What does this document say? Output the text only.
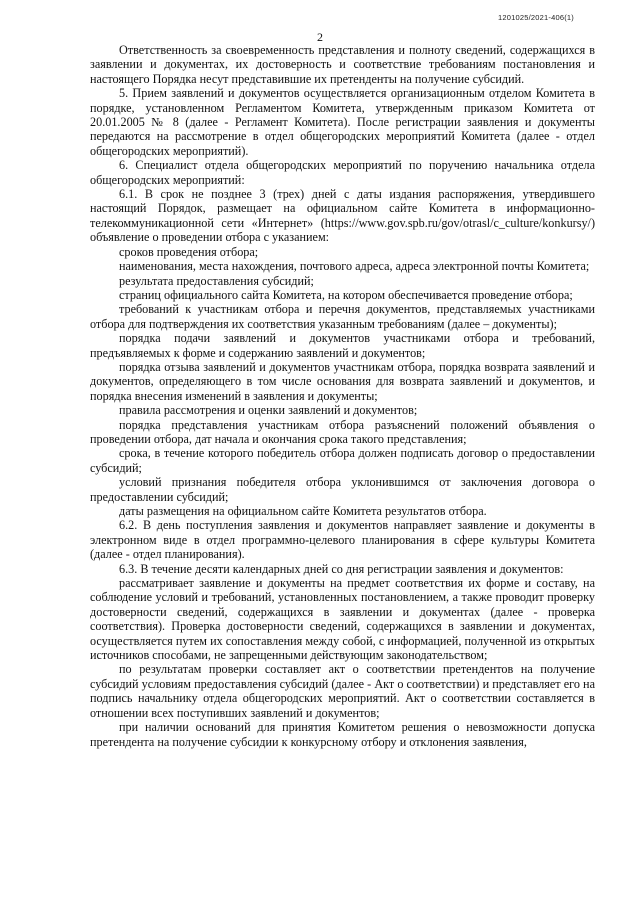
1201025/2021-406(1)
2

Ответственность за своевременность представления и полноту сведений, содержащихся в заявлении и документах, их достоверность и соответствие требованиям постановления и настоящего Порядка несут представившие их претенденты на получение субсидий.

5. Прием заявлений и документов осуществляется организационным отделом Комитета в порядке, установленном Регламентом Комитета, утвержденным приказом Комитета от 20.01.2005 № 8 (далее - Регламент Комитета). После регистрации заявления и документы передаются на рассмотрение в отдел общегородских мероприятий Комитета (далее - отдел общегородских мероприятий).

6. Специалист отдела общегородских мероприятий по поручению начальника отдела общегородских мероприятий:

6.1. В срок не позднее 3 (трех) дней с даты издания распоряжения, утвердившего настоящий Порядок, размещает на официальном сайте Комитета в информационно-телекоммуникационной сети «Интернет» (https://www.gov.spb.ru/gov/otrasl/c_culture/konkursy/) объявление о проведении отбора с указанием:

сроков проведения отбора;

наименования, места нахождения, почтового адреса, адреса электронной почты Комитета;

результата предоставления субсидий;

страниц официального сайта Комитета, на котором обеспечивается проведение отбора;

требований к участникам отбора и перечня документов, представляемых участниками отбора для подтверждения их соответствия указанным требованиям (далее – документы);

порядка подачи заявлений и документов участниками отбора и требований, предъявляемых к форме и содержанию заявлений и документов;

порядка отзыва заявлений и документов участникам отбора, порядка возврата заявлений и документов, определяющего в том числе основания для возврата заявлений и документов, и порядка внесения изменений в заявления и документы;

правила рассмотрения и оценки заявлений и документов;

порядка представления участникам отбора разъяснений положений объявления о проведении отбора, дат начала и окончания срока такого представления;

срока, в течение которого победитель отбора должен подписать договор о предоставлении субсидий;

условий признания победителя отбора уклонившимся от заключения договора о предоставлении субсидий;

даты размещения на официальном сайте Комитета результатов отбора.

6.2. В день поступления заявления и документов направляет заявление и документы в электронном виде в отдел программно-целевого планирования в сфере культуры Комитета (далее - отдел планирования).

6.3. В течение десяти календарных дней со дня регистрации заявления и документов:

рассматривает заявление и документы на предмет соответствия их форме и составу, на соблюдение условий и требований, установленных постановлением, а также проводит проверку достоверности сведений, содержащихся в заявлении и документах (далее - проверка соответствия). Проверка достоверности сведений, содержащихся в заявлении и документах, осуществляется путем их сопоставления между собой, с информацией, полученной из открытых источников способами, не запрещенными действующим законодательством;

по результатам проверки составляет акт о соответствии претендентов на получение субсидий условиям предоставления субсидий (далее - Акт о соответствии) и представляет его на подпись начальнику отдела общегородских мероприятий. Акт о соответствии составляется в отношении всех поступивших заявлений и документов;

при наличии оснований для принятия Комитетом решения о невозможности допуска претендента на получение субсидии к конкурсному отбору и отклонения заявления,
